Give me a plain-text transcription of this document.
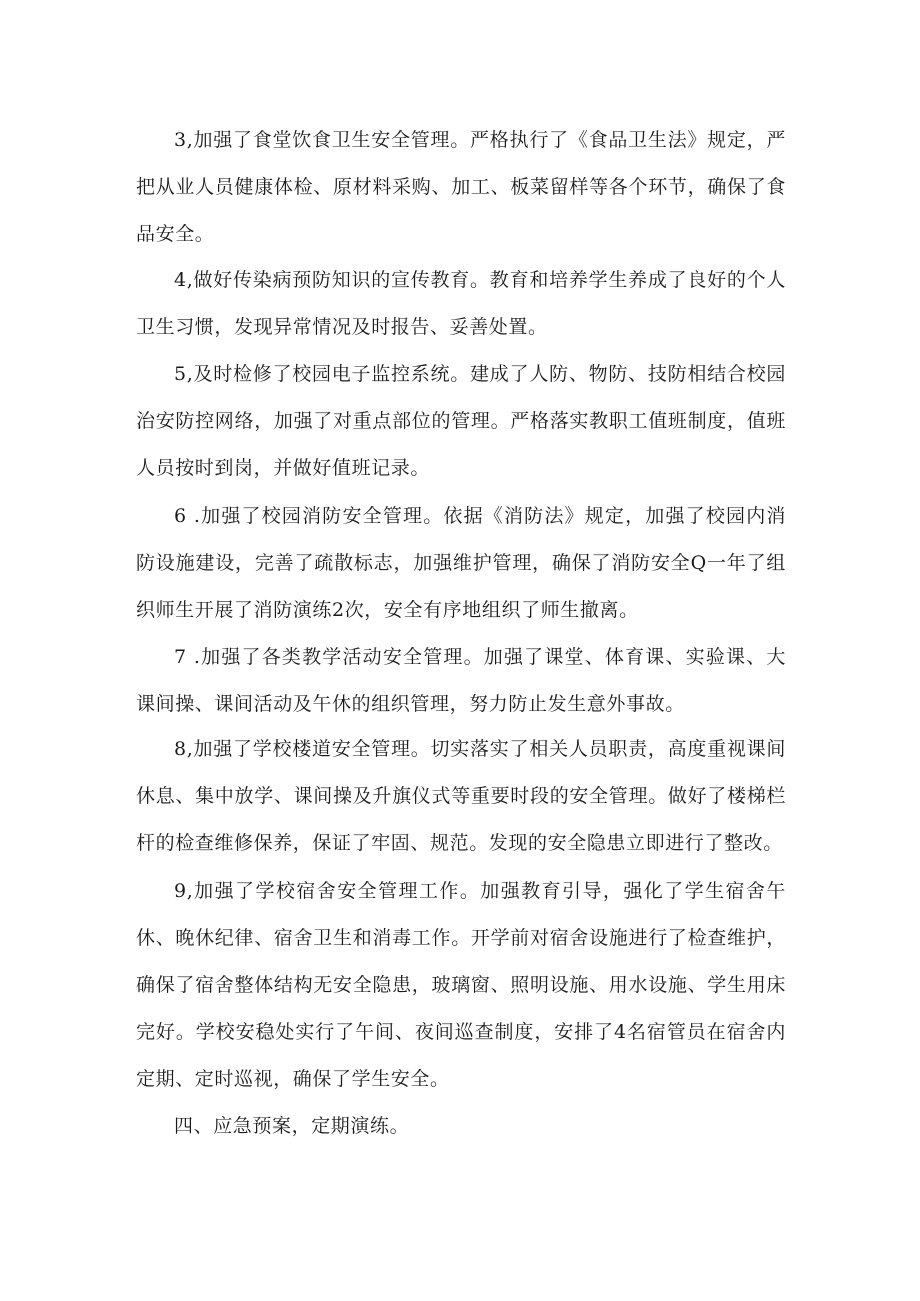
3,加强了食堂饮食卫生安全管理。严格执行了《食品卫生法》规定，严把从业人员健康体检、原材料采购、加工、板菜留样等各个环节，确保了食品安全。

4,做好传染病预防知识的宣传教育。教育和培养学生养成了良好的个人卫生习惯，发现异常情况及时报告、妥善处置。

5,及时检修了校园电子监控系统。建成了人防、物防、技防相结合校园治安防控网络，加强了对重点部位的管理。严格落实教职工值班制度，值班人员按时到岗，并做好值班记录。

6 .加强了校园消防安全管理。依据《消防法》规定，加强了校园内消防设施建设，完善了疏散标志，加强维护管理，确保了消防安全Q一年了组织师生开展了消防演练2次，安全有序地组织了师生撤离。

7 .加强了各类教学活动安全管理。加强了课堂、体育课、实验课、大课间操、课间活动及午休的组织管理，努力防止发生意外事故。

8,加强了学校楼道安全管理。切实落实了相关人员职责，高度重视课间休息、集中放学、课间操及升旗仪式等重要时段的安全管理。做好了楼梯栏杆的检查维修保养，保证了牢固、规范。发现的安全隐患立即进行了整改。

9,加强了学校宿舍安全管理工作。加强教育引导，强化了学生宿舍午休、晚休纪律、宿舍卫生和消毒工作。开学前对宿舍设施进行了检查维护，确保了宿舍整体结构无安全隐患，玻璃窗、照明设施、用水设施、学生用床完好。学校安稳处实行了午间、夜间巡查制度，安排了4名宿管员在宿舍内定期、定时巡视，确保了学生安全。

四、应急预案，定期演练。
